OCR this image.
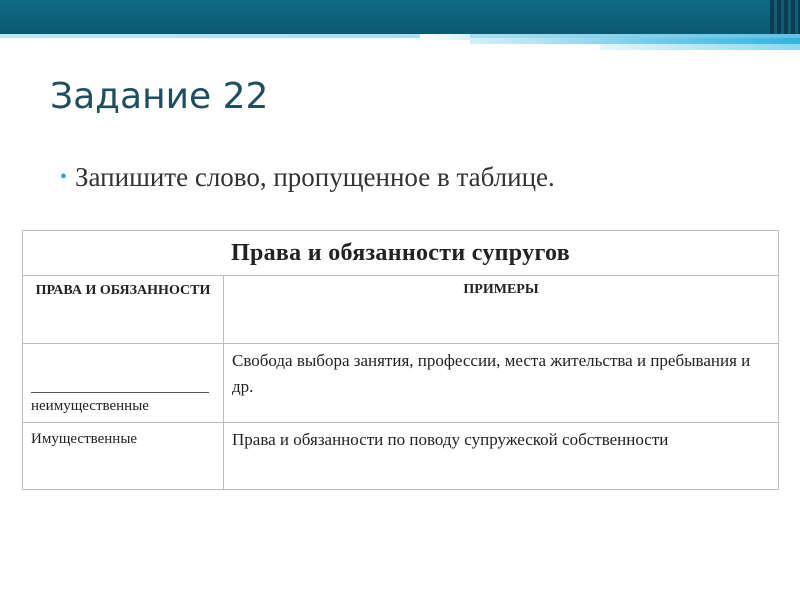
Задание 22
• Запишите слово, пропущенное в таблице.
Права и обязанности супругов	
ПРАВА И ОБЯЗАННОСТИ	ПРИМЕРЫ

неимущественные	Свобода выбора занятия, профессии, места жительства и пребывания и др.
Имущественные	Права и обязанности по поводу супружеской собственности
